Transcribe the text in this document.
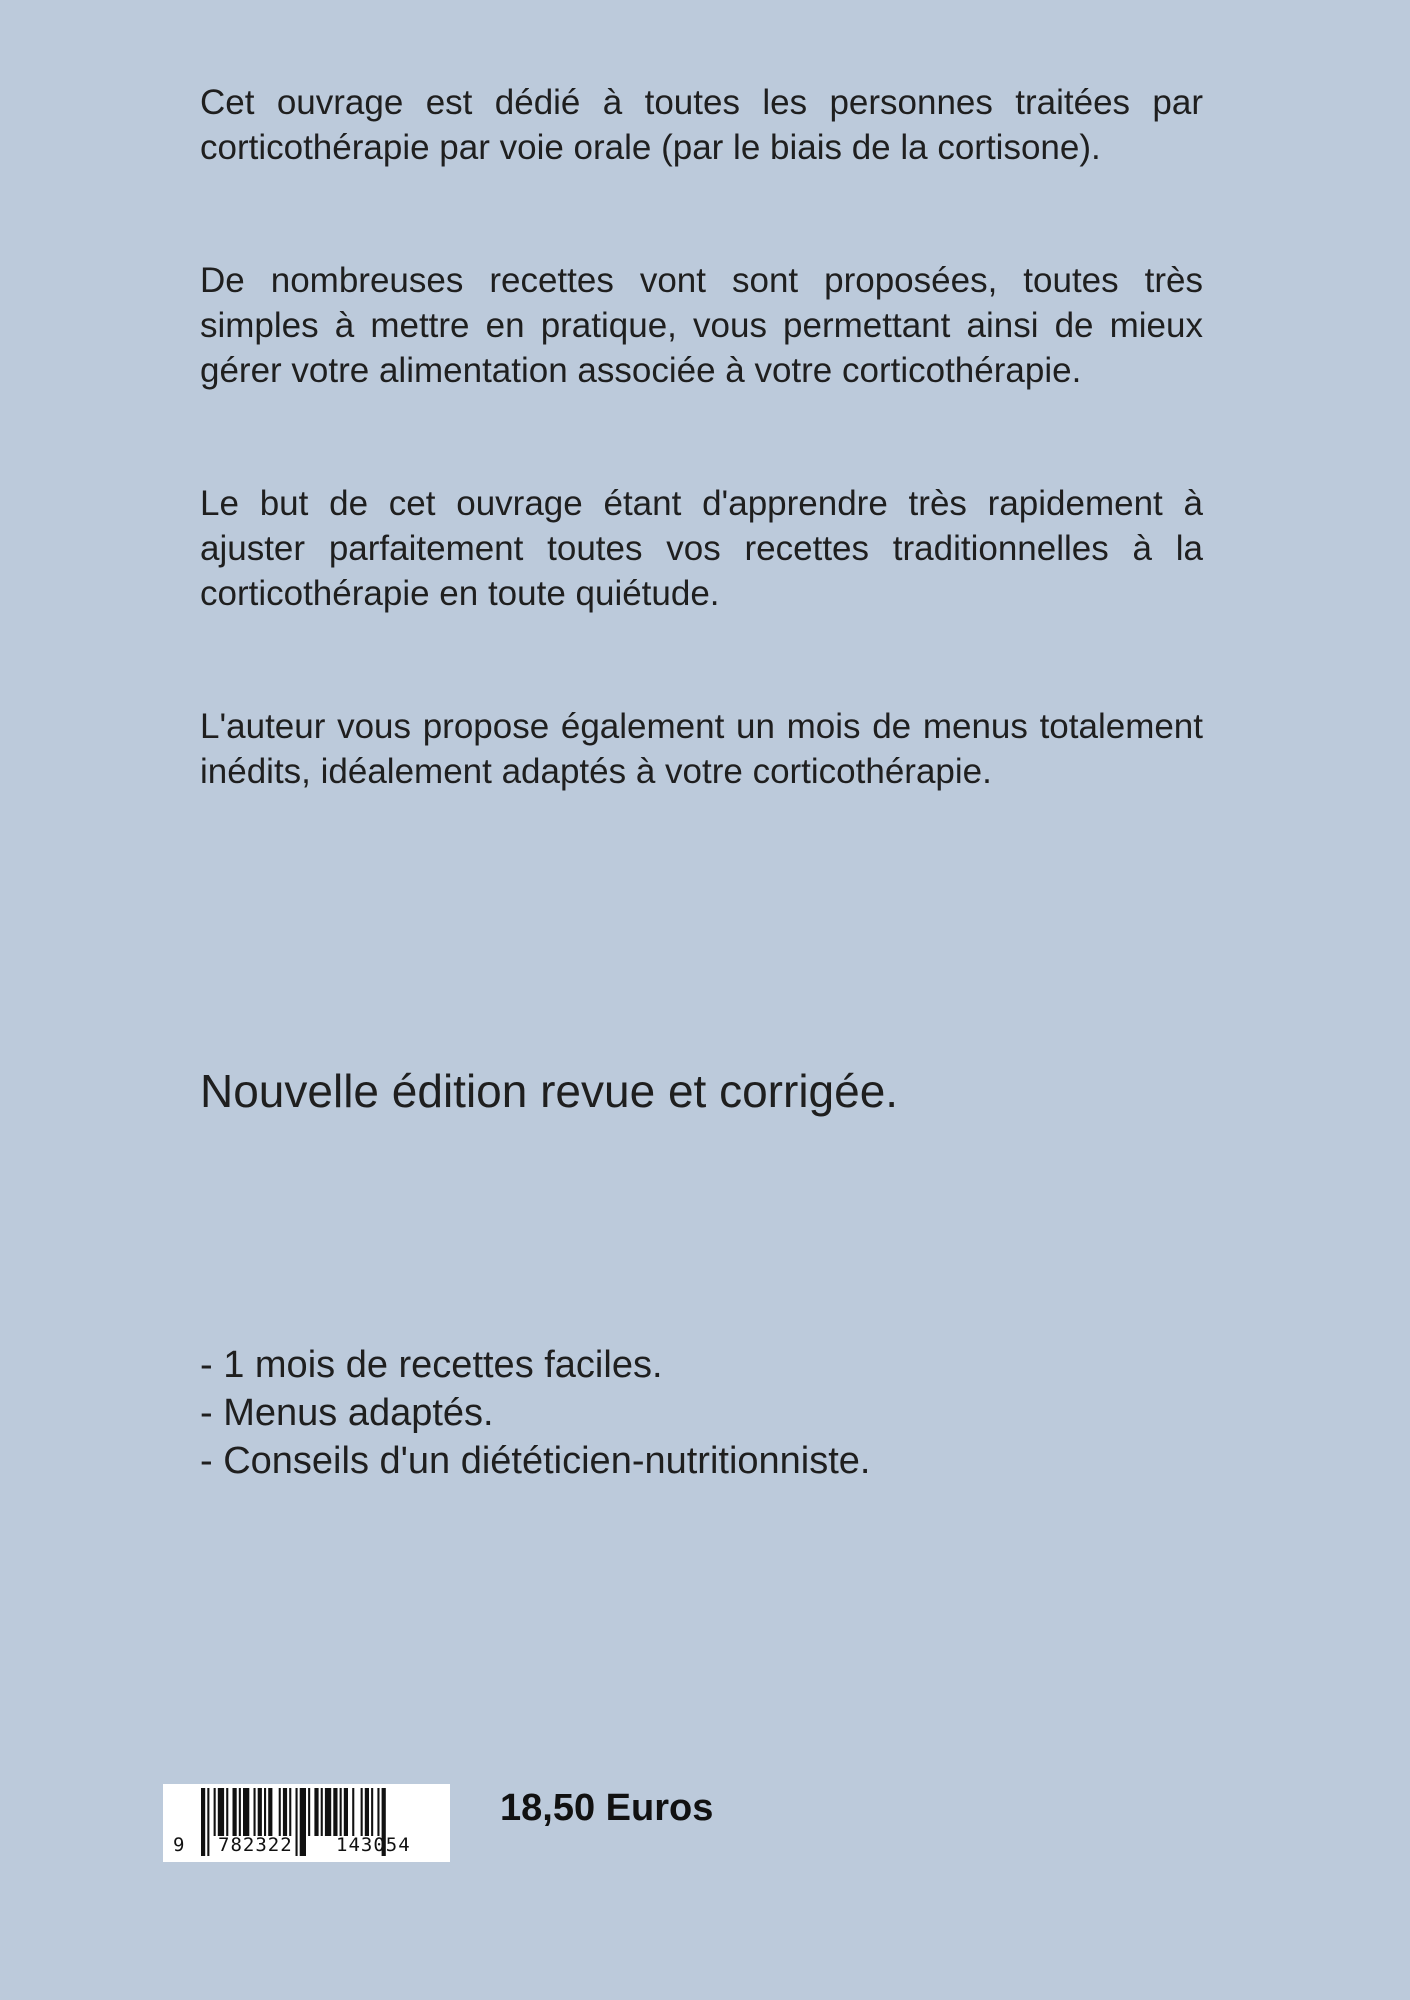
Cet ouvrage est dédié à toutes les personnes traitées par corticothérapie par voie orale (par le biais de la cortisone).

De nombreuses recettes vont sont proposées, toutes très simples à mettre en pratique, vous permettant ainsi de mieux gérer votre alimentation associée à votre corticothérapie.

Le but de cet ouvrage étant d'apprendre très rapidement à ajuster parfaitement toutes vos recettes traditionnelles à la corticothérapie en toute quiétude.

L'auteur vous propose également un mois de menus totalement inédits, idéalement adaptés à votre corticothérapie.

Nouvelle édition revue et corrigée.

- 1 mois de recettes faciles.
- Menus adaptés.
- Conseils d'un diététicien-nutritionniste.
9 782322 143054
18,50 Euros
